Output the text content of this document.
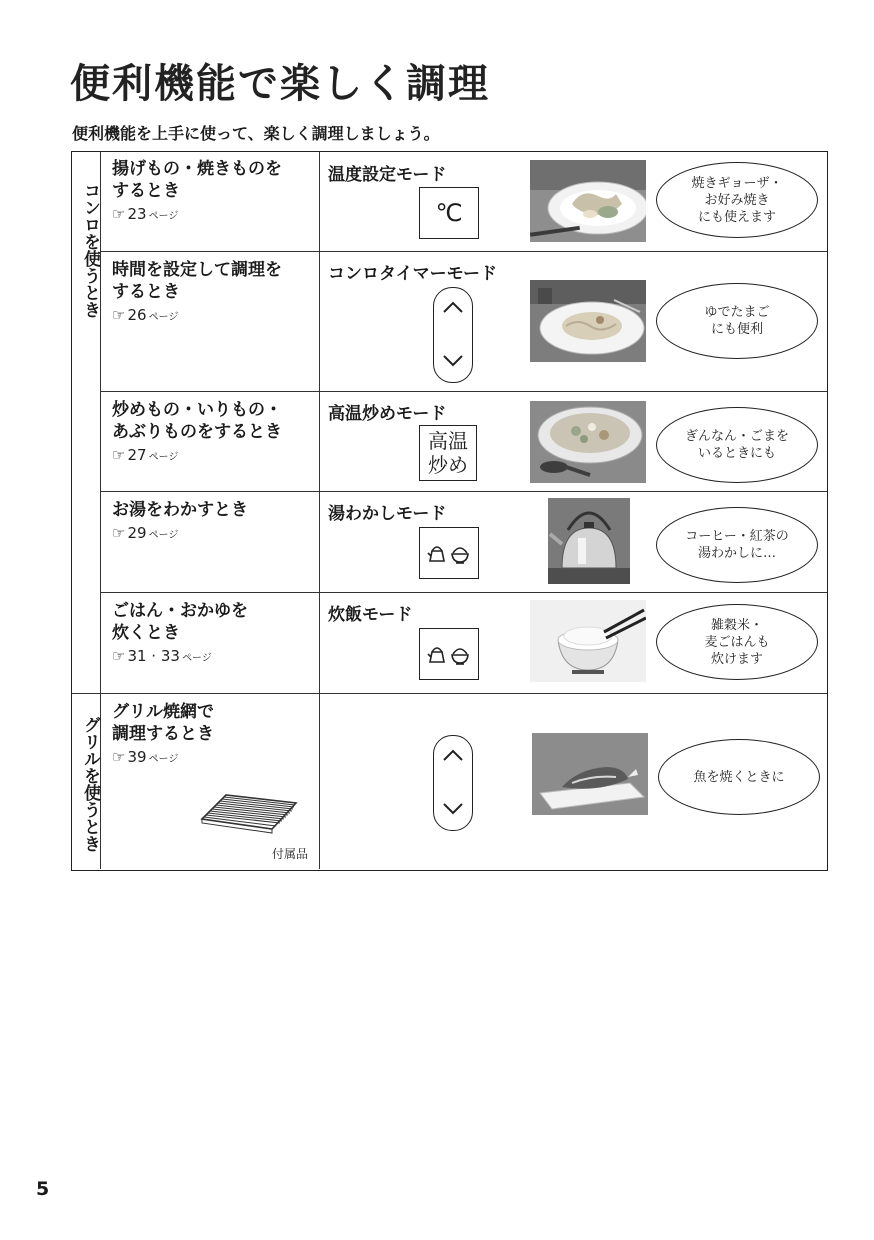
便利機能で楽しく調理

便利機能を上手に使って、楽しく調理しましょう。

コンロを使うとき
グリルを使うとき
揚げもの・焼きものを
するとき
☞ 23 ページ
温度設定モード
℃
焼きギョーザ・
お好み焼き
にも使えます
時間を設定して調理を
するとき
☞ 26 ページ
コンロタイマーモード
ゆでたまご
にも便利
炒めもの・いりもの・
あぶりものをするとき
☞ 27 ページ
高温炒めモード
高温
炒め
ぎんなん・ごまを
いるときにも
お湯をわかすとき
☞ 29 ページ
湯わかしモード
コーヒー・紅茶の
湯わかしに…
ごはん・おかゆを
炊くとき
☞ 31 · 33 ページ
炊飯モード	雑穀米・
麦ごはんも
炊けます
グリル焼網で
調理するとき
☞ 39 ページ
付属品
魚を焼くときに
5
